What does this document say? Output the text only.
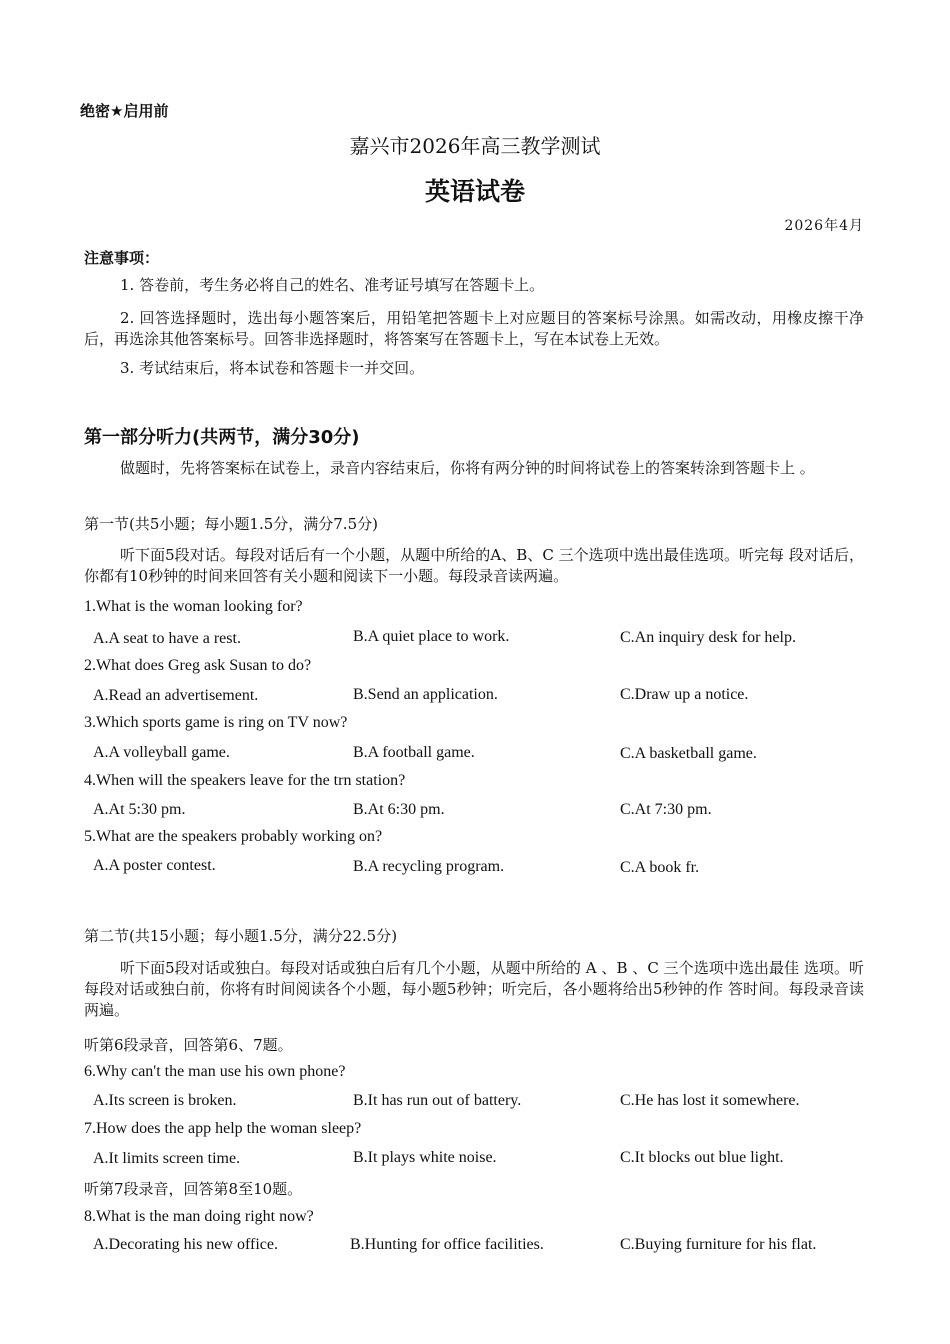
绝密★启用前
嘉兴市2026年高三教学测试
英语试卷
2026年4月
注意事项：
1. 答卷前，考生务必将自己的姓名、准考证号填写在答题卡上。
2. 回答选择题时，选出每小题答案后，用铅笔把答题卡上对应题目的答案标号涂黑。如需改动，用橡皮擦干净后，再选涂其他答案标号。回答非选择题时，将答案写在答题卡上，写在本试卷上无效。
3. 考试结束后，将本试卷和答题卡一并交回。
第一部分听力(共两节，满分30分)
做题时，先将答案标在试卷上，录音内容结束后，你将有两分钟的时间将试卷上的答案转涂到答题卡上 。
第一节(共5小题；每小题1.5分，满分7.5分)
听下面5段对话。每段对话后有一个小题，从题中所给的A、B、C 三个选项中选出最佳选项。听完每 段对话后，你都有10秒钟的时间来回答有关小题和阅读下一小题。每段录音读两遍。
1.What is the woman looking for?
A.A seat to have a rest.	B.A quiet place to work.	C.An inquiry desk for help.
2.What does Greg ask Susan to do?
A.Read an advertisement.	B.Send an application.	C.Draw up a notice.
3.Which sports game is ring on TV now?
A.A volleyball game.	B.A football game.	C.A basketball game.
4.When will the speakers leave for the trn station?
A.At 5:30 pm.	B.At 6:30 pm.	C.At 7:30 pm.
5.What are the speakers probably working on?
A.A poster contest.	B.A recycling program.	C.A book fr.
第二节(共15小题；每小题1.5分，满分22.5分)
听下面5段对话或独白。每段对话或独白后有几个小题，从题中所给的 A 、B 、C 三个选项中选出最佳 选项。听每段对话或独白前，你将有时间阅读各个小题，每小题5秒钟；听完后，各小题将给出5秒钟的作 答时间。每段录音读两遍。
听第6段录音，回答第6、7题。
6.Why can't the man use his own phone?
A.Its screen is broken.	B.It has run out of battery.	C.He has lost it somewhere.
7.How does the app help the woman sleep?
A.It limits screen time.	B.It plays white noise.	C.It blocks out blue light.
听第7段录音，回答第8至10题。
8.What is the man doing right now?
A.Decorating his new office.	B.Hunting for office facilities.	C.Buying furniture for his flat.
